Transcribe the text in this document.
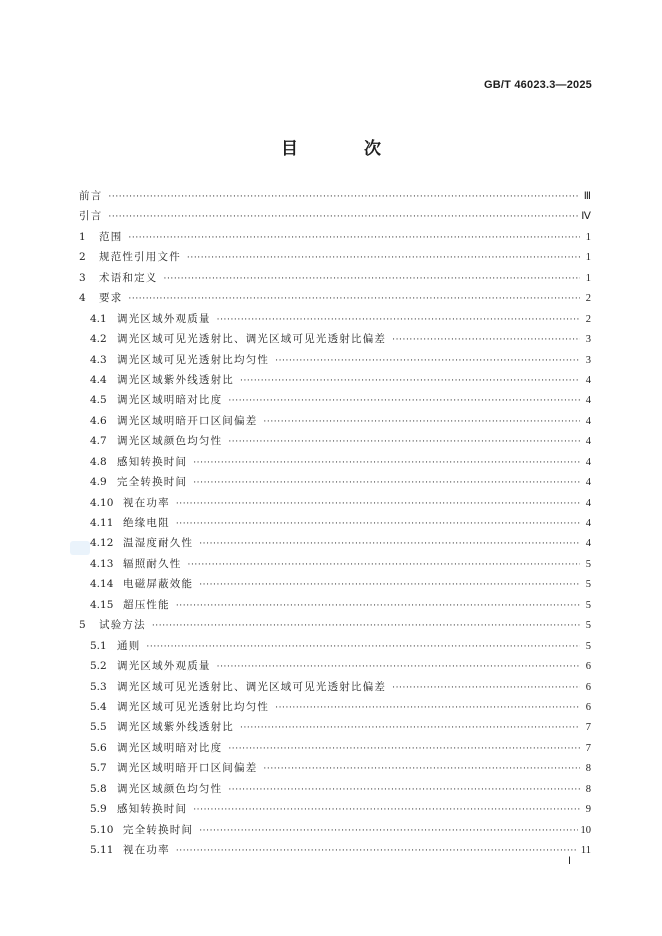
GB/T 46023.3—2025
目 次
前言 ·····	Ⅲ
引言 ·····	Ⅳ
1	范围 ·····	1
2	规范性引用文件 ·····	1
3	术语和定义 ·····	1
4	要求 ·····	2
4.1 调光区域外观质量 ·····	2
4.2 调光区域可见光透射比、调光区域可见光透射比偏差 ·····	3
4.3 调光区域可见光透射比均匀性 ·····	3
4.4 调光区域紫外线透射比 ·····	4
4.5 调光区域明暗对比度 ·····	4
4.6 调光区域明暗开口区间偏差 ·····	4
4.7 调光区域颜色均匀性 ·····	4
4.8 感知转换时间 ·····	4
4.9 完全转换时间 ·····	4
4.10 视在功率 ·····	4
4.11 绝缘电阻 ·····	4
4.12 温湿度耐久性 ·····	4
4.13 辐照耐久性 ·····	5
4.14 电磁屏蔽效能 ·····	5
4.15 超压性能 ·····	5
5	试验方法 ·····	5
5.1 通则 ·····	5
5.2 调光区域外观质量 ·····	6
5.3 调光区域可见光透射比、调光区域可见光透射比偏差 ·····	6
5.4 调光区域可见光透射比均匀性 ·····	6
5.5 调光区域紫外线透射比 ·····	7
5.6 调光区域明暗对比度 ·····	7
5.7 调光区域明暗开口区间偏差 ·····	8
5.8 调光区域颜色均匀性 ·····	8
5.9 感知转换时间 ·····	9
5.10 完全转换时间 ·····	10
5.11 视在功率 ·····	11
Ⅰ
